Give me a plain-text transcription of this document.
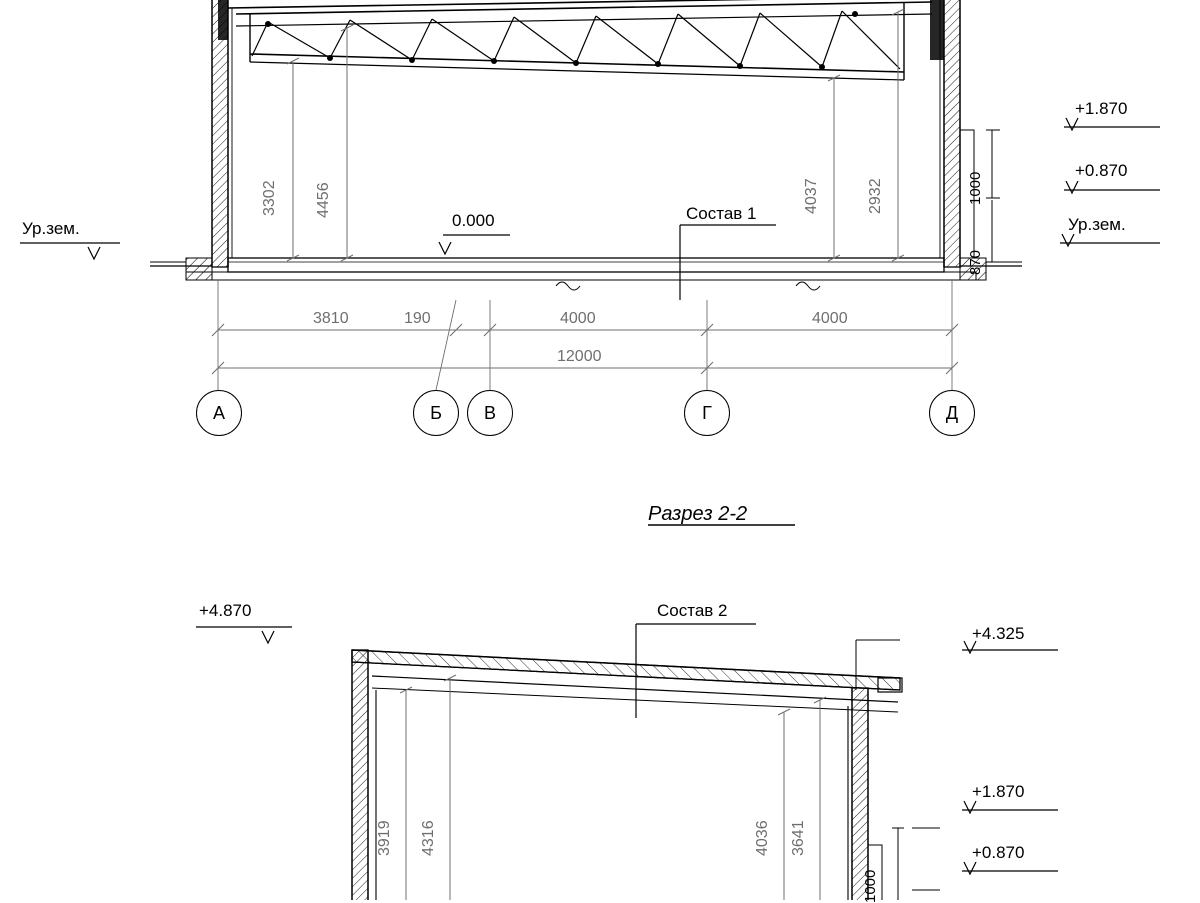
Ур.зем.
+1.870
+0.870
Ур.зем.
0.000	Состав 1
3302 4456	4037	2932	1000
870
3810	190	4000	4000
12000
А	Б В	Г	Д
Разрез 2-2
+4.870	Состав 2
+4.325
+1.870
+0.870
3919 4316	4036 3641
1000
